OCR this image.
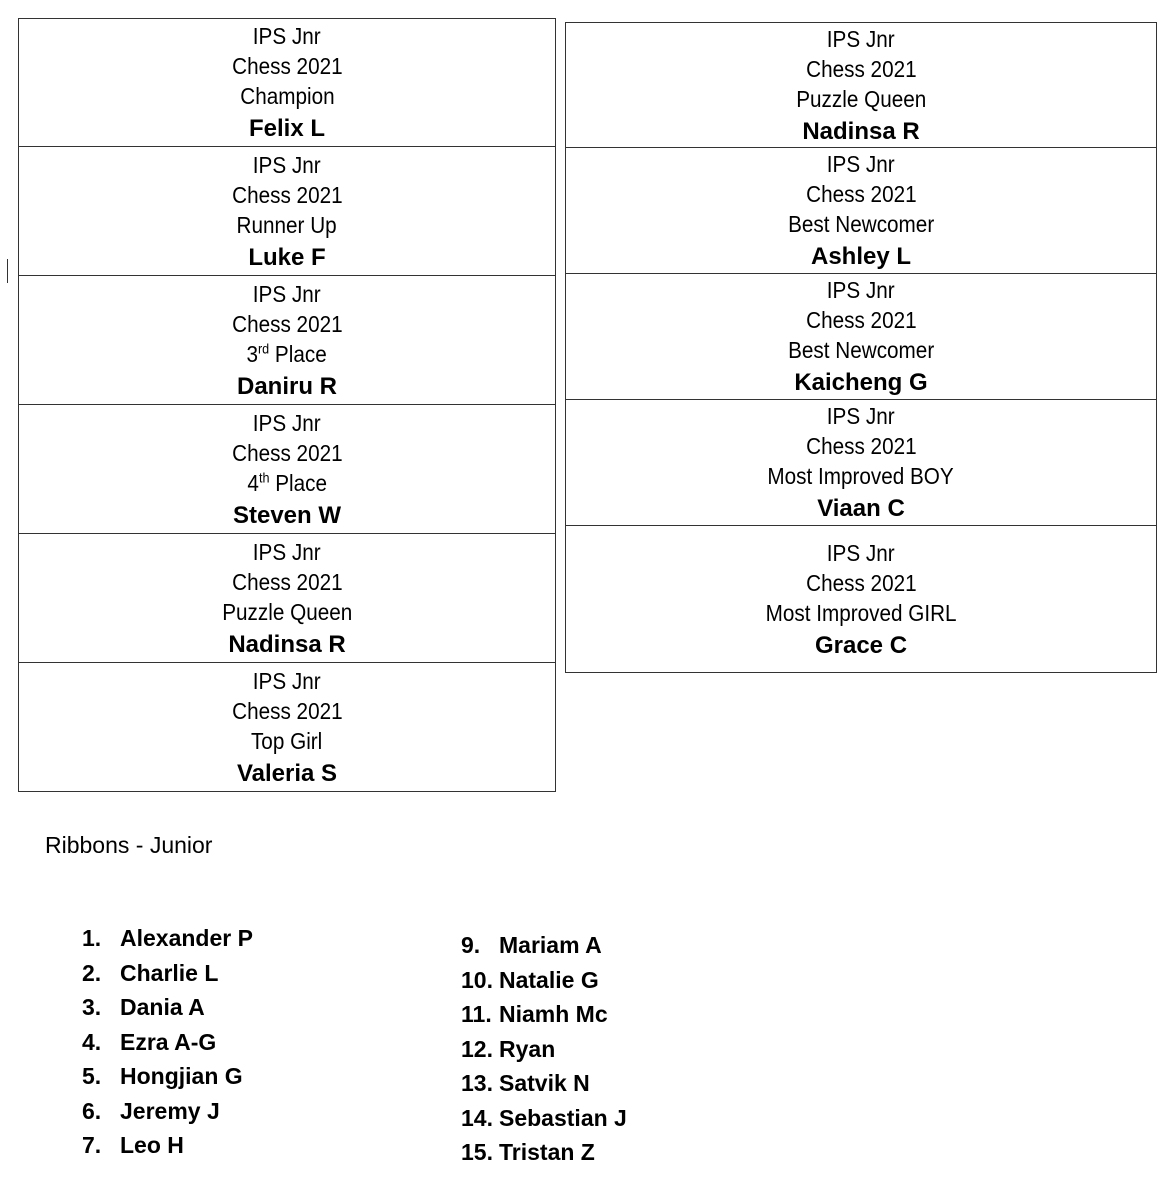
IPS Jnr
Chess 2021
Champion
Felix L
IPS Jnr
Chess 2021
Runner Up
Luke F
IPS Jnr
Chess 2021
3rd Place
Daniru R
IPS Jnr
Chess 2021
4th Place
Steven W
IPS Jnr
Chess 2021
Puzzle Queen
Nadinsa R
IPS Jnr
Chess 2021
Top Girl
Valeria S
IPS Jnr
Chess 2021
Puzzle Queen
Nadinsa R
IPS Jnr
Chess 2021
Best Newcomer
Ashley L
IPS Jnr
Chess 2021
Best Newcomer
Kaicheng G
IPS Jnr
Chess 2021
Most Improved BOY
Viaan C
IPS Jnr
Chess 2021
Most Improved GIRL
Grace C
Ribbons - Junior
1. Alexander P
2. Charlie L
3. Dania A
4. Ezra A-G
5. Hongjian G
6. Jeremy J
7. Leo H
9. Mariam A
10. Natalie G
11. Niamh Mc
12. Ryan
13. Satvik N
14. Sebastian J
15. Tristan Z
